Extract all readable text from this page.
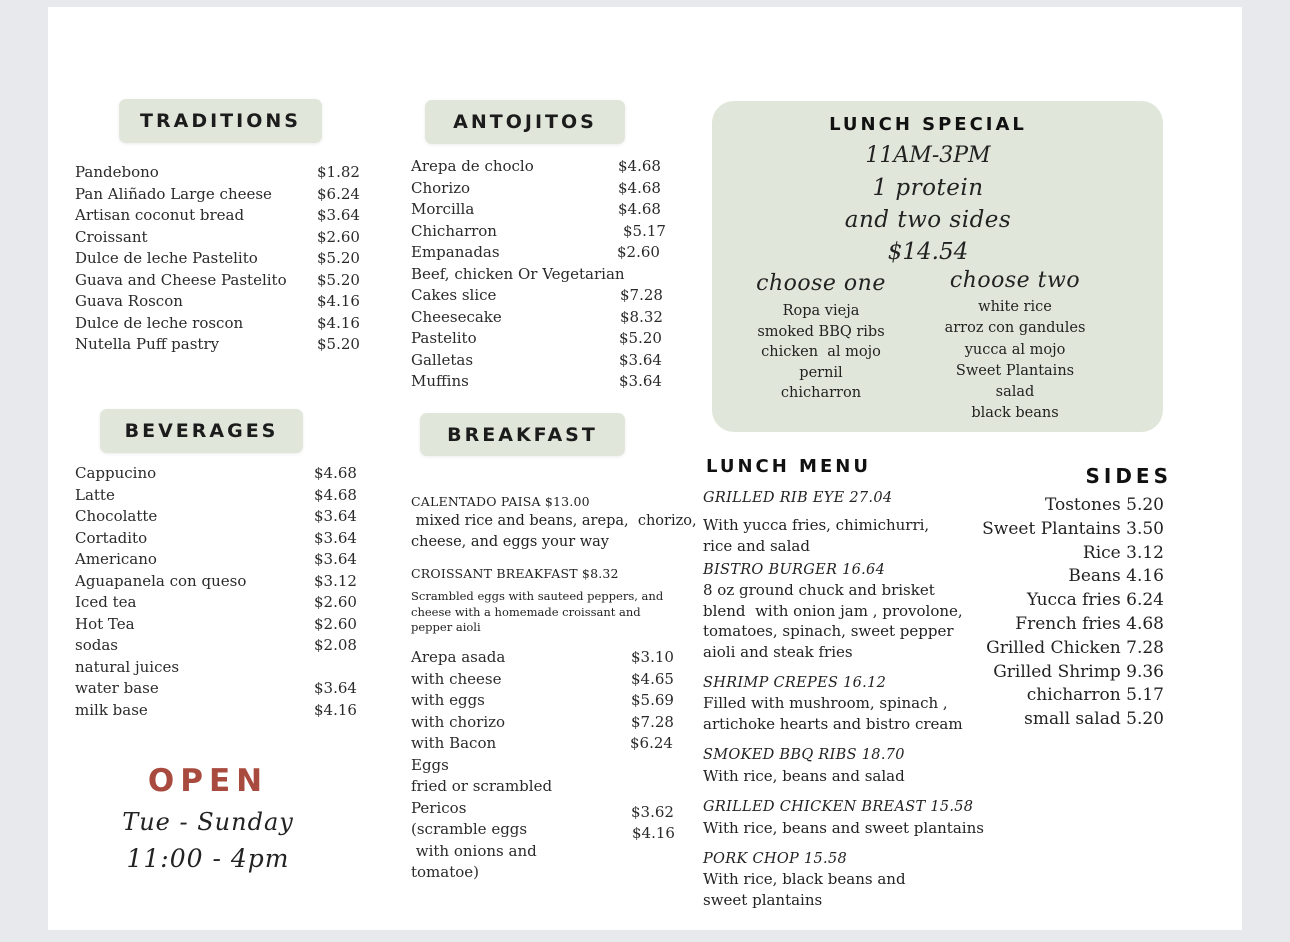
TRADITIONS
Pandebono	$1.82
Pan Aliñado Large cheese	$6.24
Artisan coconut bread	$3.64
Croissant	$2.60
Dulce de leche Pastelito	$5.20
Guava and Cheese Pastelito $5.20
Guava Roscon	$4.16
Dulce de leche roscon	$4.16
Nutella Puff pastry	$5.20
BEVERAGES
Cappucino	$4.68
Latte	$4.68
Chocolatte	$3.64
Cortadito	$3.64
Americano	$3.64
Aguapanela con queso	$3.12
Iced tea	$2.60
Hot Tea	$2.60
sodas	$2.08
natural juices
water base	$3.64
milk base	$4.16
OPEN
Tue - Sunday
11:00 - 4pm
ANTOJITOS
Arepa de choclo	$4.68
Chorizo	$4.68
Morcilla	$4.68
Chicharron	$5.17
Empanadas	$2.60
Beef, chicken Or Vegetarian
Cakes slice	$7.28
Cheesecake	$8.32
Pastelito	$5.20
Galletas	$3.64
Muffins	$3.64
BREAKFAST
CALENTADO PAISA $13.00
mixed rice and beans, arepa,  chorizo,
cheese, and eggs your way
CROISSANT BREAKFAST $8.32
Scrambled eggs with sauteed peppers, and cheese with a homemade croissant and pepper aioli
Arepa asada	$3.10
with cheese	$4.65
with eggs	$5.69
with chorizo	$7.28
with Bacon	$6.24
Eggs
fried or scrambled
Pericos	$3.62
(scramble eggs	$4.16
with onions and
tomatoe)
LUNCH SPECIAL
11AM-3PM
1 protein
and two sides
$14.54
choose one
Ropa vieja
smoked BBQ ribs
chicken  al mojo
pernil
chicharron
choose two
white rice
arroz con gandules
yucca al mojo
Sweet Plantains
salad
black beans
LUNCH MENU
GRILLED RIB EYE 27.04
With yucca fries, chimichurri,
rice and salad
BISTRO BURGER 16.64
8 oz ground chuck and brisket
blend  with onion jam , provolone,
tomatoes, spinach, sweet pepper
aioli and steak fries
SHRIMP CREPES 16.12
Filled with mushroom, spinach ,
artichoke hearts and bistro cream
SMOKED BBQ RIBS 18.70
With rice, beans and salad
GRILLED CHICKEN BREAST 15.58
With rice, beans and sweet plantains
PORK CHOP 15.58
With rice, black beans and
sweet plantains
SIDES
Tostones 5.20
Sweet Plantains 3.50
Rice 3.12
Beans 4.16
Yucca fries 6.24
French fries 4.68
Grilled Chicken 7.28
Grilled Shrimp 9.36
chicharron 5.17
small salad 5.20
